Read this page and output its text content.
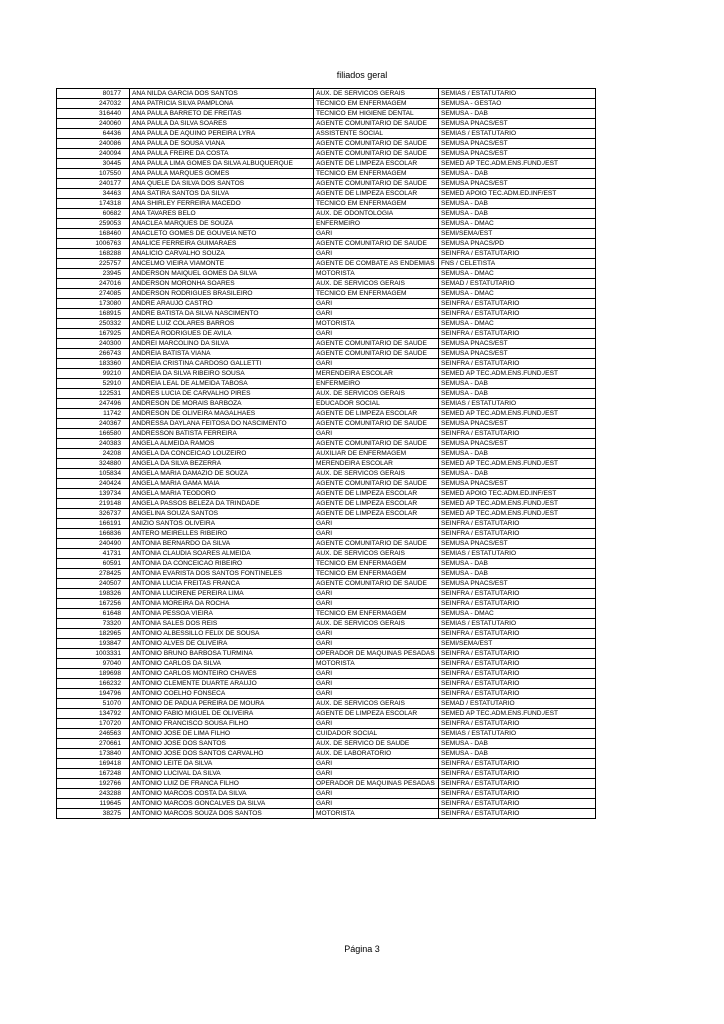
filiados geral
80177	ANA NILDA GARCIA DOS SANTOS	AUX. DE SERVICOS GERAIS	SEMIAS / ESTATUTARIO
247032	ANA PATRICIA SILVA PAMPLONA	TECNICO EM ENFERMAGEM	SEMUSA - GESTAO
316440	ANA PAULA BARRETO DE FREITAS	TECNICO EM HIGIENE DENTAL	SEMUSA - DAB
240060	ANA PAULA DA SILVA SOARES	AGENTE COMUNITARIO DE SAUDE	SEMUSA PNACS/EST
64436	ANA PAULA DE AQUINO PEREIRA LYRA	ASSISTENTE SOCIAL	SEMIAS / ESTATUTARIO
240086	ANA PAULA DE SOUSA VIANA	AGENTE COMUNITARIO DE SAUDE	SEMUSA PNACS/EST
240094	ANA PAULA FREIRE DA COSTA	AGENTE COMUNITARIO DE SAUDE	SEMUSA PNACS/EST
30445	ANA PAULA LIMA GOMES DA SILVA ALBUQUERQUE	AGENTE DE LIMPEZA ESCOLAR	SEMED AP TEC.ADM.ENS.FUND./EST
107550	ANA PAULA MARQUES GOMES	TECNICO EM ENFERMAGEM	SEMUSA - DAB
240177	ANA QUELE DA SILVA DOS SANTOS	AGENTE COMUNITARIO DE SAUDE	SEMUSA PNACS/EST
34463	ANA SATIRA SANTOS DA SILVA	AGENTE DE LIMPEZA ESCOLAR	SEMED APOIO TEC.ADM.ED.INF/EST
174318	ANA SHIRLEY FERREIRA MACEDO	TECNICO EM ENFERMAGEM	SEMUSA - DAB
60682	ANA TAVARES BELO	AUX. DE ODONTOLOGIA	SEMUSA - DAB
259053	ANACLEA MARQUES DE SOUZA	ENFERMEIRO	SEMUSA - DMAC
168460	ANACLETO GOMES DE GOUVEIA NETO	GARI	SEMI/SEMA/EST
1006763	ANALICE FERREIRA GUIMARAES	AGENTE COMUNITARIO DE SAUDE	SEMUSA PNACS/PD
168288	ANALICIO CARVALHO SOUZA	GARI	SEINFRA / ESTATUTARIO
225757	ANCELMO VIEIRA VIAMONTE	AGENTE DE COMBATE AS ENDEMIAS	FNS / CELETISTA
23945	ANDERSON MAIQUEL GOMES DA SILVA	MOTORISTA	SEMUSA - DMAC
247016	ANDERSON MORONHA SOARES	AUX. DE SERVICOS GERAIS	SEMAD / ESTATUTARIO
274085	ANDERSON RODRIGUES BRASILEIRO	TECNICO EM ENFERMAGEM	SEMUSA - DMAC
173080	ANDRE ARAUJO CASTRO	GARI	SEINFRA / ESTATUTARIO
168915	ANDRE BATISTA DA SILVA NASCIMENTO	GARI	SEINFRA / ESTATUTARIO
250332	ANDRE LUIZ COLARES BARROS	MOTORISTA	SEMUSA - DMAC
167925	ANDREA RODRIGUES DE AVILA	GARI	SEINFRA / ESTATUTARIO
240300	ANDREI MARCOLINO DA SILVA	AGENTE COMUNITARIO DE SAUDE	SEMUSA PNACS/EST
266743	ANDREIA BATISTA VIANA	AGENTE COMUNITARIO DE SAUDE	SEMUSA PNACS/EST
183360	ANDREIA CRISTINA CARDOSO GALLETTI	GARI	SEINFRA / ESTATUTARIO
99210	ANDREIA DA SILVA RIBEIRO SOUSA	MERENDEIRA ESCOLAR	SEMED AP TEC.ADM.ENS.FUND./EST
52910	ANDREIA LEAL DE ALMEIDA TABOSA	ENFERMEIRO	SEMUSA - DAB
122531	ANDRES LUCIA DE CARVALHO PIRES	AUX. DE SERVICOS GERAIS	SEMUSA - DAB
247496	ANDRESON DE MORAIS BARBOZA	EDUCADOR SOCIAL	SEMIAS / ESTATUTARIO
11742	ANDRESON DE OLIVEIRA MAGALHAES	AGENTE DE LIMPEZA ESCOLAR	SEMED AP TEC.ADM.ENS.FUND./EST
240367	ANDRESSA DAYLANA FEITOSA DO NASCIMENTO	AGENTE COMUNITARIO DE SAUDE	SEMUSA PNACS/EST
166580	ANDRESSON BATISTA FERREIRA	GARI	SEINFRA / ESTATUTARIO
240383	ANGELA ALMEIDA RAMOS	AGENTE COMUNITARIO DE SAUDE	SEMUSA PNACS/EST
24208	ANGELA DA CONCEICAO LOUZEIRO	AUXILIAR DE ENFERMAGEM	SEMUSA - DAB
324880	ANGELA DA SILVA BEZERRA	MERENDEIRA ESCOLAR	SEMED AP TEC.ADM.ENS.FUND./EST
105834	ANGELA MARIA DAMAZIO DE SOUZA	AUX. DE SERVICOS GERAIS	SEMUSA - DAB
240424	ANGELA MARIA GAMA MAIA	AGENTE COMUNITARIO DE SAUDE	SEMUSA PNACS/EST
139734	ANGELA MARIA TEODORO	AGENTE DE LIMPEZA ESCOLAR	SEMED APOIO TEC.ADM.ED.INF/EST
219148	ANGELA PASSOS BELEZA DA TRINDADE	AGENTE DE LIMPEZA ESCOLAR	SEMED AP TEC.ADM.ENS.FUND./EST
326737	ANGELINA SOUZA SANTOS	AGENTE DE LIMPEZA ESCOLAR	SEMED AP TEC.ADM.ENS.FUND./EST
166191	ANIZIO SANTOS OLIVEIRA	GARI	SEINFRA / ESTATUTARIO
166836	ANTERO MEIRELLES RIBEIRO	GARI	SEINFRA / ESTATUTARIO
240490	ANTONIA BERNARDO DA SILVA	AGENTE COMUNITARIO DE SAUDE	SEMUSA PNACS/EST
41731	ANTONIA CLAUDIA SOARES ALMEIDA	AUX. DE SERVICOS GERAIS	SEMIAS / ESTATUTARIO
60591	ANTONIA DA CONCEICAO RIBEIRO	TECNICO EM ENFERMAGEM	SEMUSA - DAB
278425	ANTONIA EVARISTA DOS SANTOS FONTINELES	TECNICO EM ENFERMAGEM	SEMUSA - DAB
240507	ANTONIA LUCIA FREITAS FRANCA	AGENTE COMUNITARIO DE SAUDE	SEMUSA PNACS/EST
198326	ANTONIA LUCIRENE PEREIRA LIMA	GARI	SEINFRA / ESTATUTARIO
167256	ANTONIA MOREIRA DA ROCHA	GARI	SEINFRA / ESTATUTARIO
61648	ANTONIA PESSOA VIEIRA	TECNICO EM ENFERMAGEM	SEMUSA - DMAC
73320	ANTONIA SALES DOS REIS	AUX. DE SERVICOS GERAIS	SEMIAS / ESTATUTARIO
182965	ANTONIO ALBESSILLO FELIX DE SOUSA	GARI	SEINFRA / ESTATUTARIO
193847	ANTONIO ALVES DE OLIVEIRA	GARI	SEMI/SEMA/EST
1003331	ANTONIO BRUNO BARBOSA TURMINA	OPERADOR DE MAQUINAS PESADAS	SEINFRA / ESTATUTARIO
97040	ANTONIO CARLOS DA SILVA	MOTORISTA	SEINFRA / ESTATUTARIO
189698	ANTONIO CARLOS MONTEIRO CHAVES	GARI	SEINFRA / ESTATUTARIO
166232	ANTONIO CLEMENTE DUARTE ARAUJO	GARI	SEINFRA / ESTATUTARIO
194796	ANTONIO COELHO FONSECA	GARI	SEINFRA / ESTATUTARIO
51070	ANTONIO DE PADUA PEREIRA DE MOURA	AUX. DE SERVICOS GERAIS	SEMAD / ESTATUTARIO
134792	ANTONIO FABIO MIGUEL DE OLIVEIRA	AGENTE DE LIMPEZA ESCOLAR	SEMED AP TEC.ADM.ENS.FUND./EST
170720	ANTONIO FRANCISCO SOUSA FILHO	GARI	SEINFRA / ESTATUTARIO
246563	ANTONIO JOSE DE LIMA FILHO	CUIDADOR SOCIAL	SEMIAS / ESTATUTARIO
270661	ANTONIO JOSE DOS SANTOS	AUX. DE SERVICO DE SAUDE	SEMUSA - DAB
173840	ANTONIO JOSE DOS SANTOS CARVALHO	AUX. DE LABORATORIO	SEMUSA - DAB
169418	ANTONIO LEITE DA SILVA	GARI	SEINFRA / ESTATUTARIO
167248	ANTONIO LUCIVAL DA SILVA	GARI	SEINFRA / ESTATUTARIO
192766	ANTONIO LUIZ DE FRANCA FILHO	OPERADOR DE MAQUINAS PESADAS	SEINFRA / ESTATUTARIO
243288	ANTONIO MARCOS COSTA DA SILVA	GARI	SEINFRA / ESTATUTARIO
119645	ANTONIO MARCOS GONCALVES DA SILVA	GARI	SEINFRA / ESTATUTARIO
38275	ANTONIO MARCOS SOUZA DOS SANTOS	MOTORISTA	SEINFRA / ESTATUTARIO
Página 3
